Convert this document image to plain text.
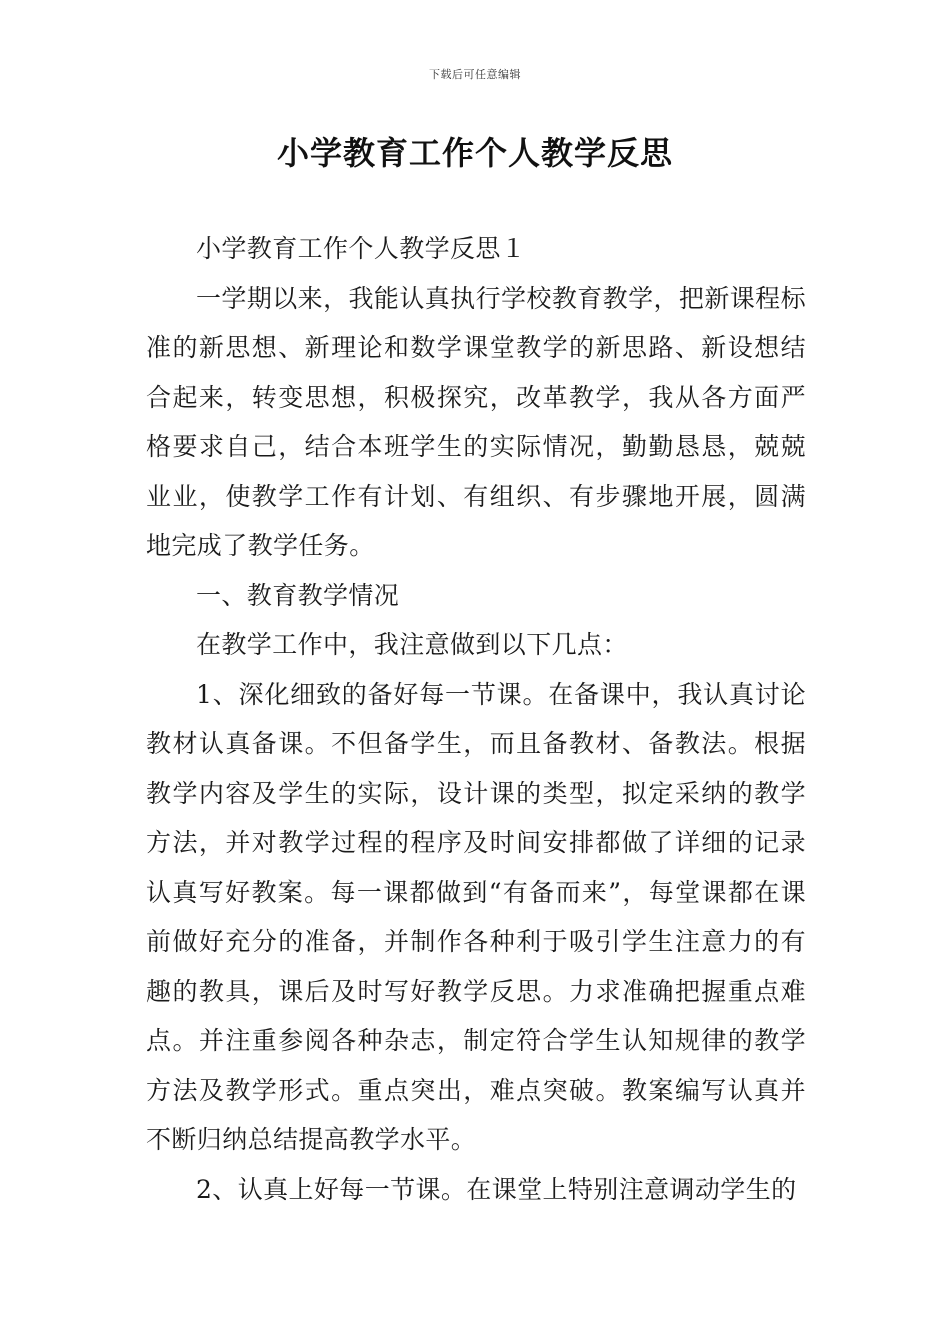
下载后可任意编辑
小学教育工作个人教学反思

小学教育工作个人教学反思１

一学期以来，我能认真执行学校教育教学，把新课程标准的新思想、新理论和数学课堂教学的新思路、新设想结合起来，转变思想，积极探究，改革教学，我从各方面严格要求自己，结合本班学生的实际情况，勤勤恳恳，兢兢业业，使教学工作有计划、有组织、有步骤地开展，圆满地完成了教学任务。

一、教育教学情况

在教学工作中，我注意做到以下几点：

1、深化细致的备好每一节课。在备课中，我认真讨论教材认真备课。不但备学生，而且备教材、备教法。根据教学内容及学生的实际，设计课的类型，拟定采纳的教学方法，并对教学过程的程序及时间安排都做了详细的记录认真写好教案。每一课都做到“有备而来”，每堂课都在课前做好充分的准备，并制作各种利于吸引学生注意力的有趣的教具，课后及时写好教学反思。力求准确把握重点难点。并注重参阅各种杂志，制定符合学生认知规律的教学方法及教学形式。重点突出，难点突破。教案编写认真并不断归纳总结提高教学水平。

2、认真上好每一节课。在课堂上特别注意调动学生的
